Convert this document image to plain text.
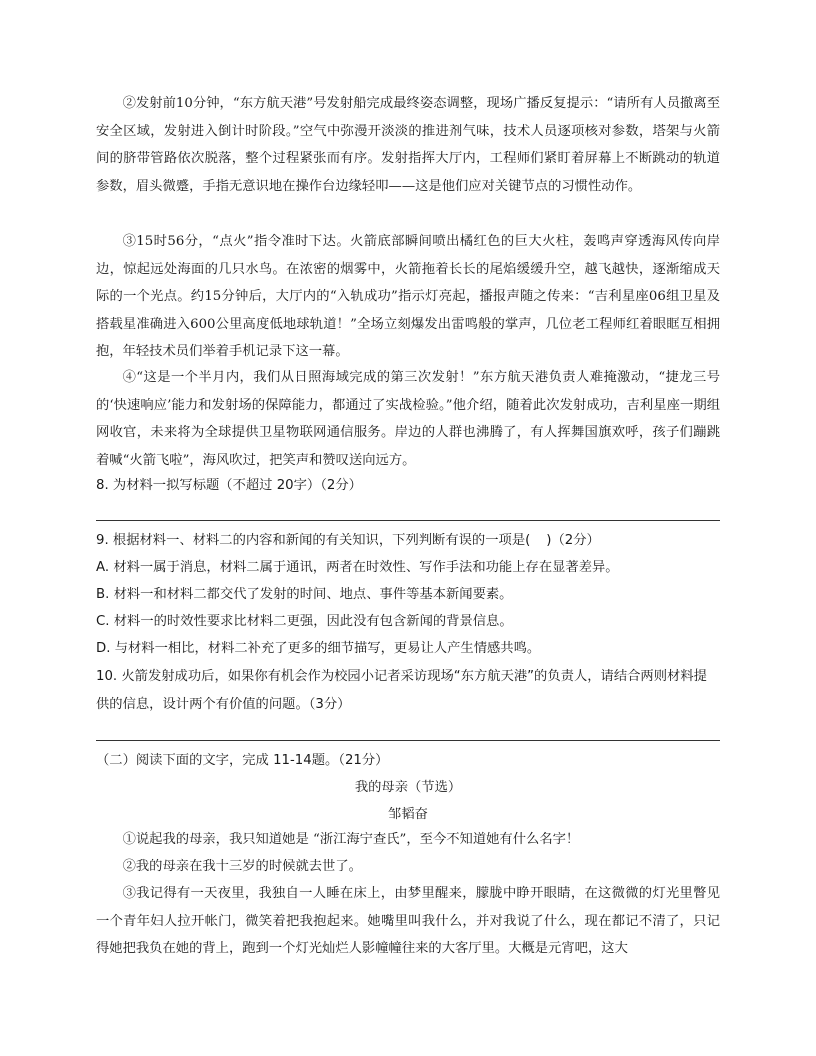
②发射前10分钟，“东方航天港”号发射船完成最终姿态调整，现场广播反复提示：“请所有人员撤离至安全区域，发射进入倒计时阶段。”空气中弥漫开淡淡的推进剂气味，技术人员逐项核对参数，塔架与火箭间的脐带管路依次脱落，整个过程紧张而有序。发射指挥大厅内，工程师们紧盯着屏幕上不断跳动的轨道参数，眉头微蹙，手指无意识地在操作台边缘轻叩——这是他们应对关键节点的习惯性动作。

③15时56分，“点火”指令准时下达。火箭底部瞬间喷出橘红色的巨大火柱，轰鸣声穿透海风传向岸边，惊起远处海面的几只水鸟。在浓密的烟雾中，火箭拖着长长的尾焰缓缓升空，越飞越快，逐渐缩成天际的一个光点。约15分钟后，大厅内的“入轨成功”指示灯亮起，播报声随之传来：“吉利星座06组卫星及搭载星准确进入600公里高度低地球轨道！”全场立刻爆发出雷鸣般的掌声，几位老工程师红着眼眶互相拥抱，年轻技术员们举着手机记录下这一幕。

④“这是一个半月内，我们从日照海域完成的第三次发射！”东方航天港负责人难掩激动，“捷龙三号的‘快速响应’能力和发射场的保障能力，都通过了实战检验。”他介绍，随着此次发射成功，吉利星座一期组网收官，未来将为全球提供卫星物联网通信服务。岸边的人群也沸腾了，有人挥舞国旗欢呼，孩子们蹦跳着喊“火箭飞啦”，海风吹过，把笑声和赞叹送向远方。

8. 为材料一拟写标题（不超过 20字）（2分）

9. 根据材料一、材料二的内容和新闻的有关知识，下列判断有误的一项是( )（2分）

A. 材料一属于消息，材料二属于通讯，两者在时效性、写作手法和功能上存在显著差异。

B. 材料一和材料二都交代了发射的时间、地点、事件等基本新闻要素。

C. 材料一的时效性要求比材料二更强，因此没有包含新闻的背景信息。

D. 与材料一相比，材料二补充了更多的细节描写，更易让人产生情感共鸣。

10. 火箭发射成功后，如果你有机会作为校园小记者采访现场“东方航天港”的负责人，请结合两则材料提供的信息，设计两个有价值的问题。（3分）

（二）阅读下面的文字，完成 11-14题。（21分）

我的母亲（节选）

邹韬奋

①说起我的母亲，我只知道她是 “浙江海宁查氏”，至今不知道她有什么名字！

②我的母亲在我十三岁的时候就去世了。

③我记得有一天夜里，我独自一人睡在床上，由梦里醒来，朦胧中睁开眼睛，在这微微的灯光里瞥见一个青年妇人拉开帐门，微笑着把我抱起来。她嘴里叫我什么，并对我说了什么，现在都记不清了，只记得她把我负在她的背上，跑到一个灯光灿烂人影幢幢往来的大客厅里。大概是元宵吧，这大
